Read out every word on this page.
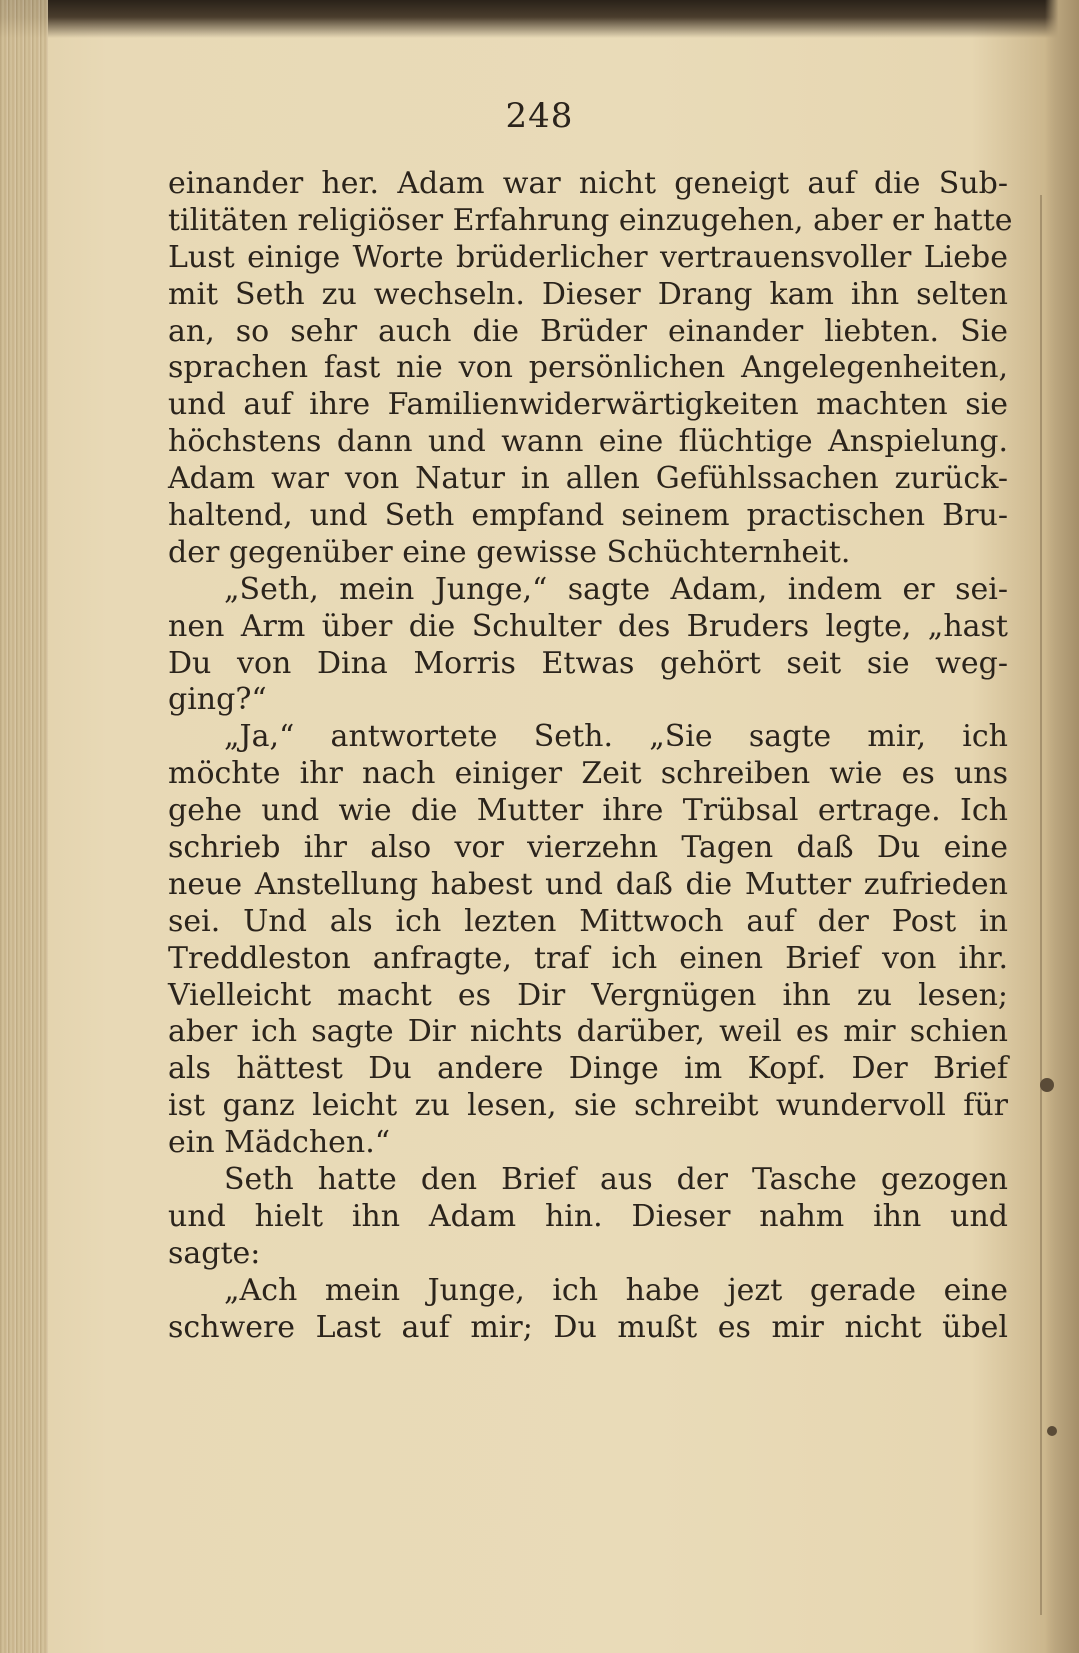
248
einander her. Adam war nicht geneigt auf die Sub-
tilitäten religiöser Erfahrung einzugehen, aber er hatte
Lust einige Worte brüderlicher vertrauensvoller Liebe
mit Seth zu wechseln. Dieser Drang kam ihn selten
an, so sehr auch die Brüder einander liebten. Sie
sprachen fast nie von persönlichen Angelegenheiten,
und auf ihre Familienwiderwärtigkeiten machten sie
höchstens dann und wann eine flüchtige Anspielung.
Adam war von Natur in allen Gefühlssachen zurück-
haltend, und Seth empfand seinem practischen Bru-
der gegenüber eine gewisse Schüchternheit.
„Seth, mein Junge,“ sagte Adam, indem er sei-
nen Arm über die Schulter des Bruders legte, „hast
Du von Dina Morris Etwas gehört seit sie weg-
ging?“
„Ja,“ antwortete Seth. „Sie sagte mir, ich
möchte ihr nach einiger Zeit schreiben wie es uns
gehe und wie die Mutter ihre Trübsal ertrage. Ich
schrieb ihr also vor vierzehn Tagen daß Du eine
neue Anstellung habest und daß die Mutter zufrieden
sei. Und als ich lezten Mittwoch auf der Post in
Treddleston anfragte, traf ich einen Brief von ihr.
Vielleicht macht es Dir Vergnügen ihn zu lesen;
aber ich sagte Dir nichts darüber, weil es mir schien
als hättest Du andere Dinge im Kopf. Der Brief
ist ganz leicht zu lesen, sie schreibt wundervoll für
ein Mädchen.“
Seth hatte den Brief aus der Tasche gezogen
und hielt ihn Adam hin. Dieser nahm ihn und
sagte:
„Ach mein Junge, ich habe jezt gerade eine
schwere Last auf mir; Du mußt es mir nicht übel
